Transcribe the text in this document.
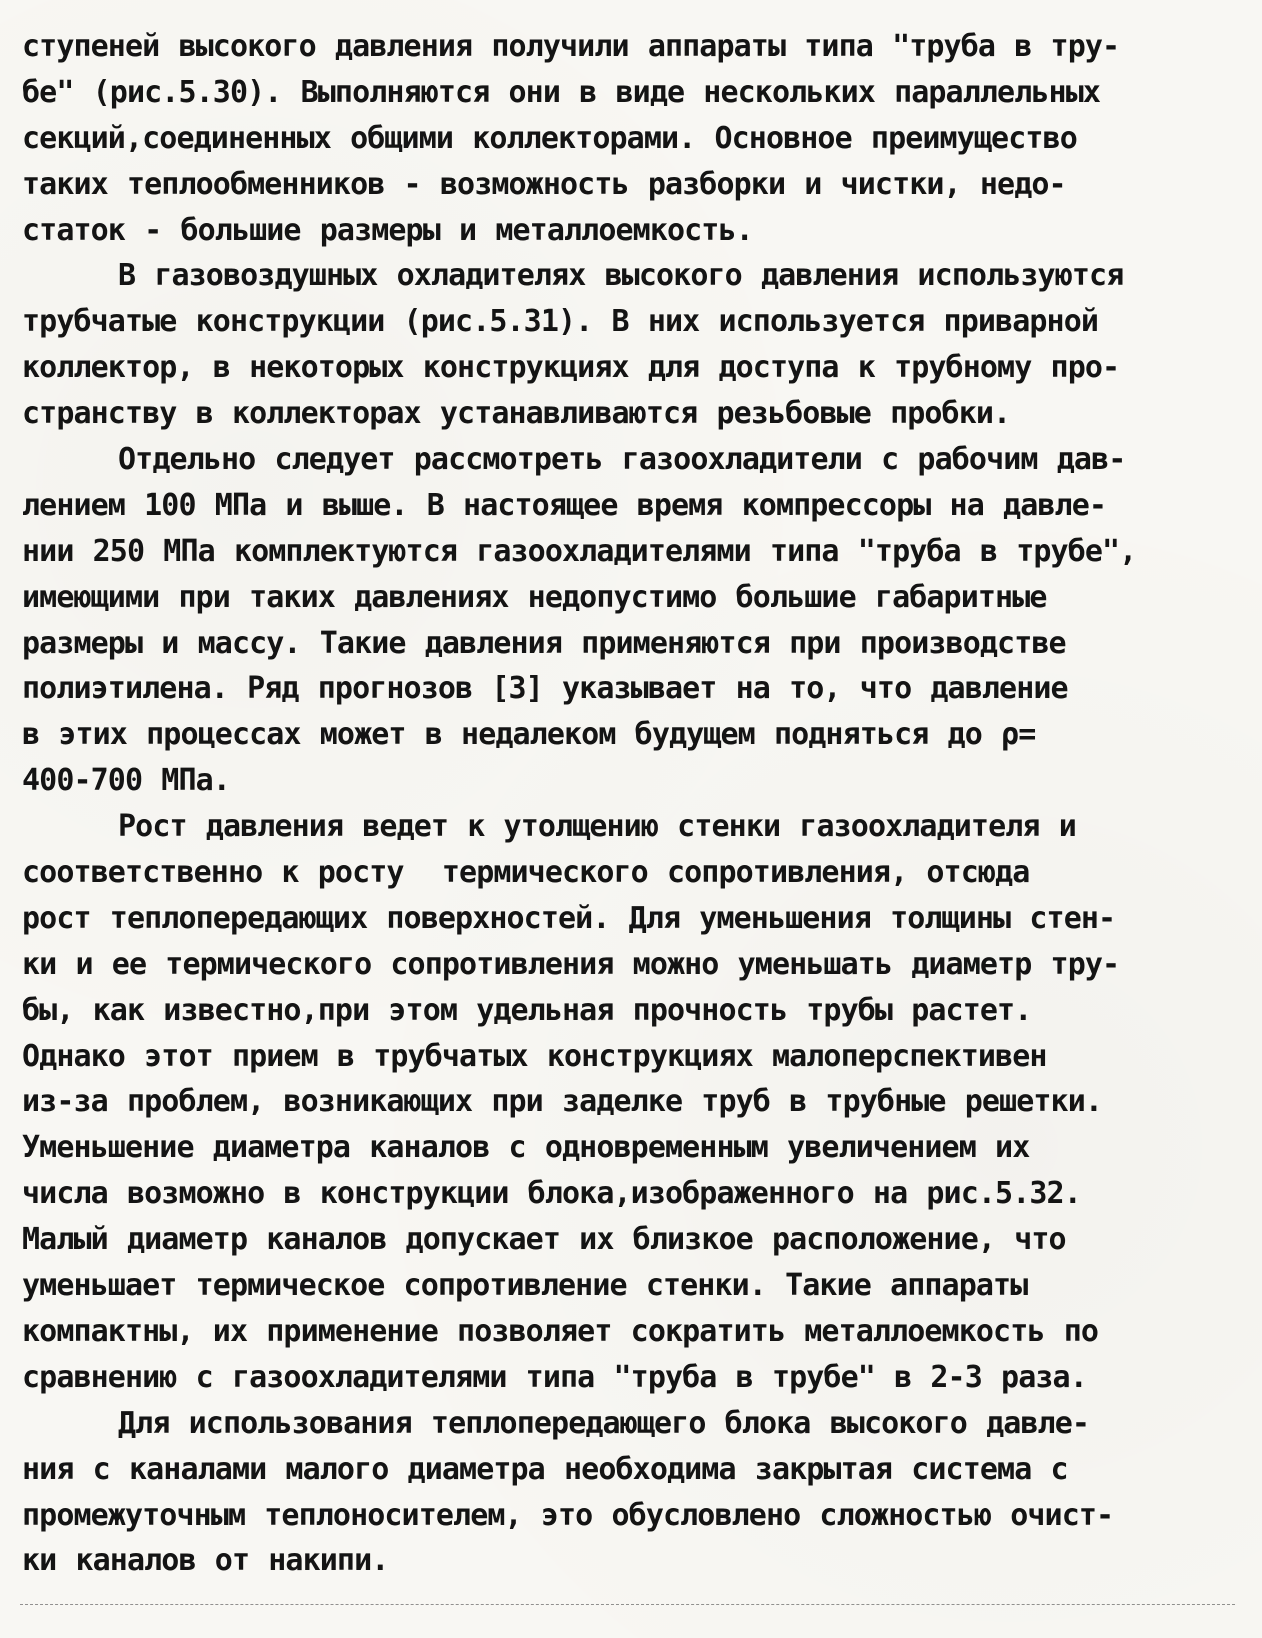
ступеней высокого давления получили аппараты типа "труба в тру-
бе" (рис.5.30). Выполняются они в виде нескольких параллельных
секций,соединенных общими коллекторами. Основное преимущество
таких теплообменников - возможность разборки и чистки, недо-
статок - большие размеры и металлоемкость.
В газовоздушных охладителях высокого давления используются
трубчатые конструкции (рис.5.31). В них используется приварной
коллектор, в некоторых конструкциях для доступа к трубному про-
странству в коллекторах устанавливаются резьбовые пробки.
Отдельно следует рассмотреть газоохладители с рабочим дав-
лением 100 МПа и выше. В настоящее время компрессоры на давле-
нии 250 МПа комплектуются газоохладителями типа "труба в трубе",
имеющими при таких давлениях недопустимо большие габаритные
размеры и массу. Такие давления применяются при производстве
полиэтилена. Ряд прогнозов [3] указывает на то, что давление
в этих процессах может в недалеком будущем подняться до ρ=
400-700 МПа.
Рост давления ведет к утолщению стенки газоохладителя и
соответственно к росту  термического сопротивления, отсюда
рост теплопередающих поверхностей. Для уменьшения толщины стен-
ки и ее термического сопротивления можно уменьшать диаметр тру-
бы, как известно,при этом удельная прочность трубы растет.
Однако этот прием в трубчатых конструкциях малоперспективен
из-за проблем, возникающих при заделке труб в трубные решетки.
Уменьшение диаметра каналов с одновременным увеличением их
числа возможно в конструкции блока,изображенного на рис.5.32.
Малый диаметр каналов допускает их близкое расположение, что
уменьшает термическое сопротивление стенки. Такие аппараты
компактны, их применение позволяет сократить металлоемкость по
сравнению с газоохладителями типа "труба в трубе" в 2-3 раза.
Для использования теплопередающего блока высокого давле-
ния с каналами малого диаметра необходима закрытая система с
промежуточным теплоносителем, это обусловлено сложностью очист-
ки каналов от накипи.
